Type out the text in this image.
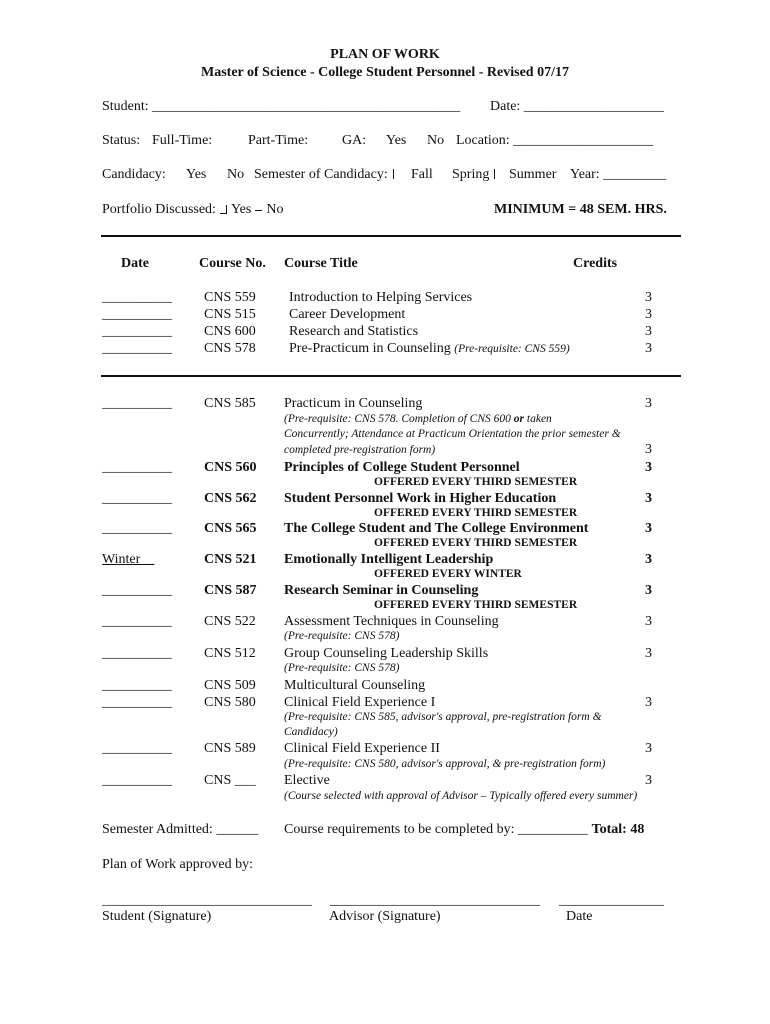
PLAN OF WORK
Master of Science - College Student Personnel - Revised 07/17
Student: ____________________________________________ Date: ____________________
Status: Full-Time:	Part-Time: GA: Yes No Location: ____________________
Candidacy: Yes No Semester of Candidacy:	Fall Spring	Summer Year: _________
Portfolio Discussed: Yes No	MINIMUM = 48 SEM. HRS.
Date	Course No. Course Title	Credits
__________ CNS 559 Introduction to Helping Services	3
__________ CNS 515 Career Development	3
__________ CNS 600 Research and Statistics	3
__________ CNS 578 Pre-Practicum in Counseling (Pre-requisite: CNS 559)	3
__________ CNS 585 Practicum in Counseling	3
(Pre-requisite: CNS 578. Completion of CNS 600 or taken
Concurrently; Attendance at Practicum Orientation the prior semester &
completed pre-registration form)	3
__________ CNS 560 Principles of College Student Personnel	3
OFFERED EVERY THIRD SEMESTER
__________ CNS 562 Student Personnel Work in Higher Education	3
OFFERED EVERY THIRD SEMESTER
__________ CNS 565 The College Student and The College Environment	3
OFFERED EVERY THIRD SEMESTER
Winter__	CNS 521 Emotionally Intelligent Leadership	3
OFFERED EVERY WINTER
__________ CNS 587 Research Seminar in Counseling	3
OFFERED EVERY THIRD SEMESTER
__________ CNS 522 Assessment Techniques in Counseling	3
(Pre-requisite: CNS 578)
__________ CNS 512 Group Counseling Leadership Skills	3
(Pre-requisite: CNS 578)
__________ CNS 509 Multicultural Counseling
__________ CNS 580 Clinical Field Experience I	3
(Pre-requisite: CNS 585, advisor's approval, pre-registration form &
Candidacy)
__________ CNS 589 Clinical Field Experience II	3
(Pre-requisite: CNS 580, advisor's approval, & pre-registration form)
__________ CNS ___ Elective	3
(Course selected with approval of Advisor – Typically offered every summer)
Semester Admitted: ______ Course requirements to be completed by: __________ Total: 48
Plan of Work approved by:
______________________________ ______________________________ _______________
Student (Signature)	Advisor (Signature)	Date
